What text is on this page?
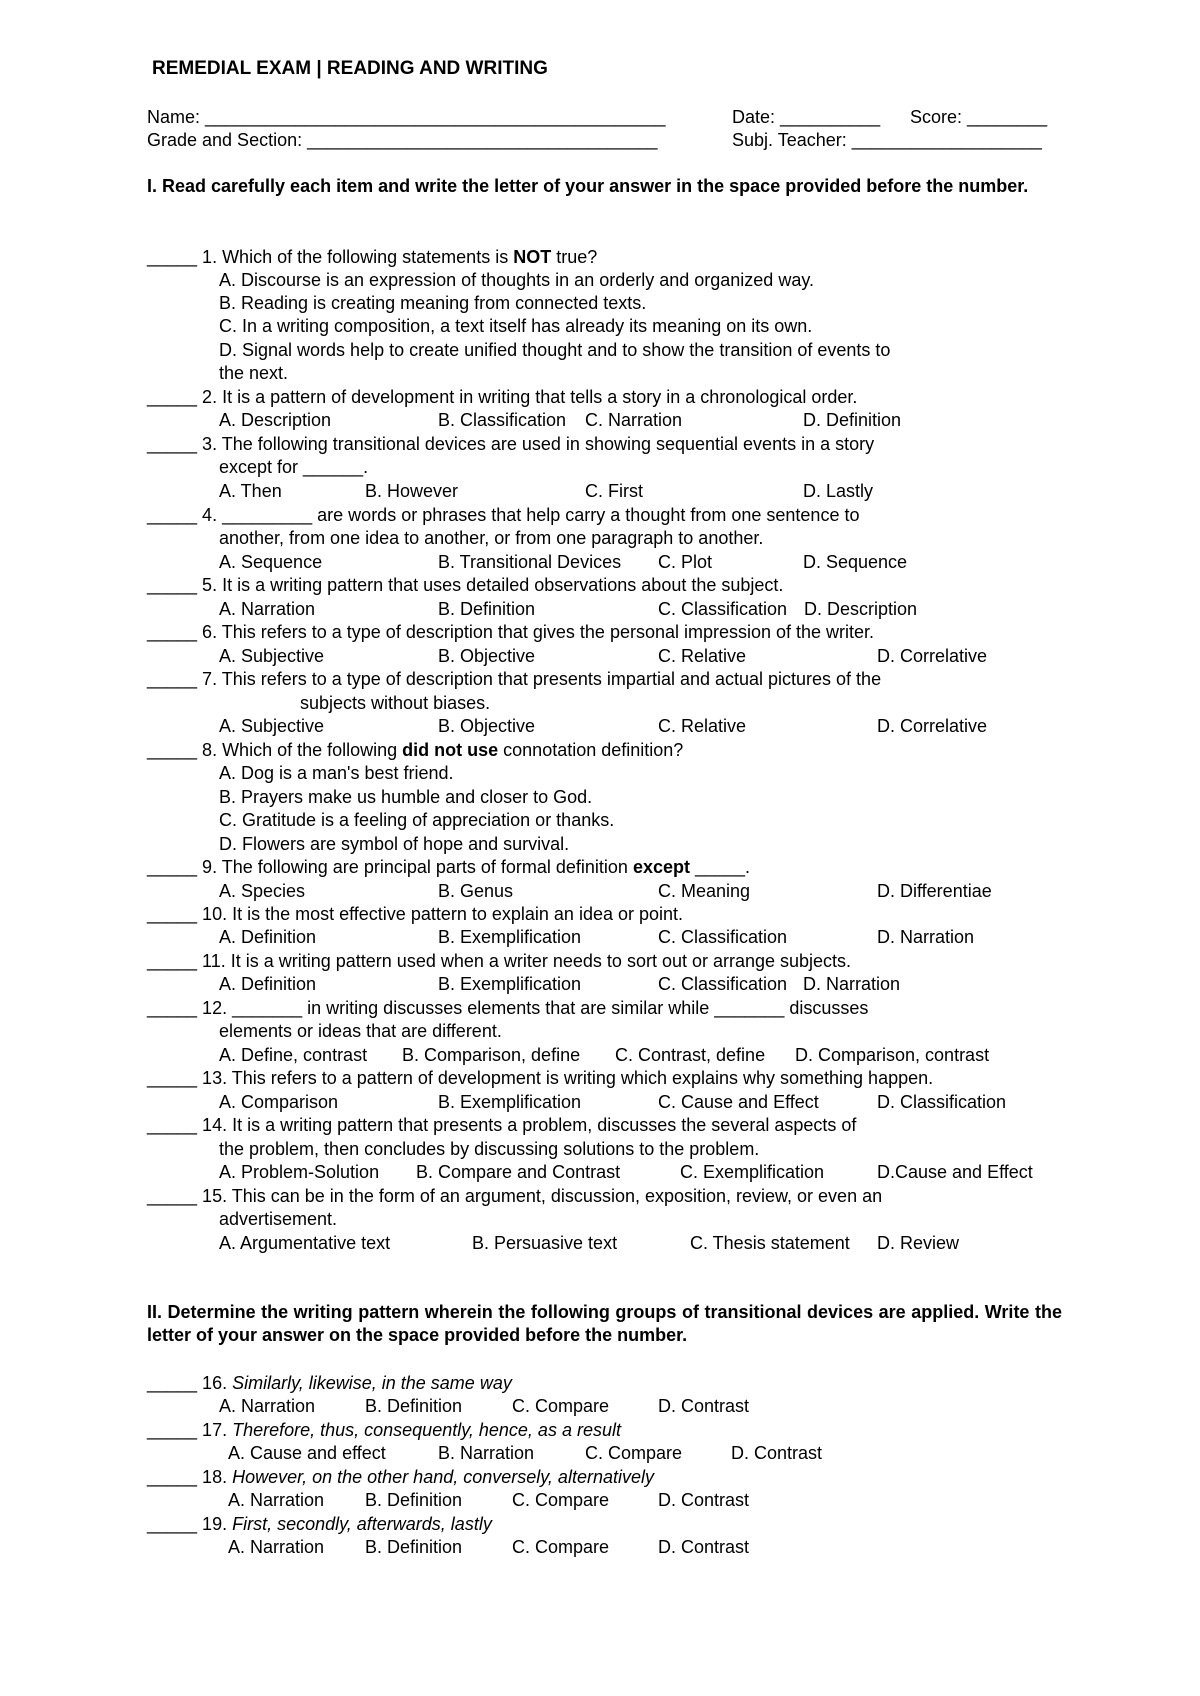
REMEDIAL EXAM | READING AND WRITING
Name: ______________________________________________	Date: __________ Score: ________
Grade and Section: ___________________________________	Subj. Teacher: ___________________
I. Read carefully each item and write the letter of your answer in the space provided before the number.
_____ 1. Which of the following statements is NOT true?
A. Discourse is an expression of thoughts in an orderly and organized way.
B. Reading is creating meaning from connected texts.
C. In a writing composition, a text itself has already its meaning on its own.
D. Signal words help to create unified thought and to show the transition of events to
the next.
_____ 2. It is a pattern of development in writing that tells a story in a chronological order.
A. Description	B. Classification C. Narration	D. Definition
_____ 3. The following transitional devices are used in showing sequential events in a story
except for ______.
A. Then	B. However	C. First	D. Lastly
_____ 4. _________ are words or phrases that help carry a thought from one sentence to
another, from one idea to another, or from one paragraph to another.
A. Sequence	B. Transitional Devices C. Plot	D. Sequence
_____ 5. It is a writing pattern that uses detailed observations about the subject.
A. Narration	B. Definition	C. Classification D. Description
_____ 6. This refers to a type of description that gives the personal impression of the writer.
A. Subjective	B. Objective	C. Relative	D. Correlative
_____ 7. This refers to a type of description that presents impartial and actual pictures of the
subjects without biases.
A. Subjective	B. Objective	C. Relative	D. Correlative
_____ 8. Which of the following did not use connotation definition?
A. Dog is a man's best friend.
B. Prayers make us humble and closer to God.
C. Gratitude is a feeling of appreciation or thanks.
D. Flowers are symbol of hope and survival.
_____ 9. The following are principal parts of formal definition except _____.
A. Species	B. Genus	C. Meaning	D. Differentiae
_____ 10. It is the most effective pattern to explain an idea or point.
A. Definition	B. Exemplification	C. Classification	D. Narration
_____ 11. It is a writing pattern used when a writer needs to sort out or arrange subjects.
A. Definition	B. Exemplification	C. Classification D. Narration
_____ 12. _______ in writing discusses elements that are similar while _______ discusses
elements or ideas that are different.
A. Define, contrast B. Comparison, define C. Contrast, define D. Comparison, contrast
_____ 13. This refers to a pattern of development is writing which explains why something happen.
A. Comparison	B. Exemplification	C. Cause and Effect	D. Classification
_____ 14. It is a writing pattern that presents a problem, discusses the several aspects of
the problem, then concludes by discussing solutions to the problem.
A. Problem-Solution B. Compare and Contrast	C. Exemplification	D.Cause and Effect
_____ 15. This can be in the form of an argument, discussion, exposition, review, or even an
advertisement.
A. Argumentative text	B. Persuasive text	C. Thesis statement D. Review
II. Determine the writing pattern wherein the following groups of transitional devices are applied. Write the letter of your answer on the space provided before the number.
_____ 16. Similarly, likewise, in the same way
A. Narration	B. Definition	C. Compare	D. Contrast
_____ 17. Therefore, thus, consequently, hence, as a result
A. Cause and effect	B. Narration	C. Compare	D. Contrast
_____ 18. However, on the other hand, conversely, alternatively
A. Narration B. Definition	C. Compare	D. Contrast
_____ 19. First, secondly, afterwards, lastly
A. Narration B. Definition	C. Compare	D. Contrast
